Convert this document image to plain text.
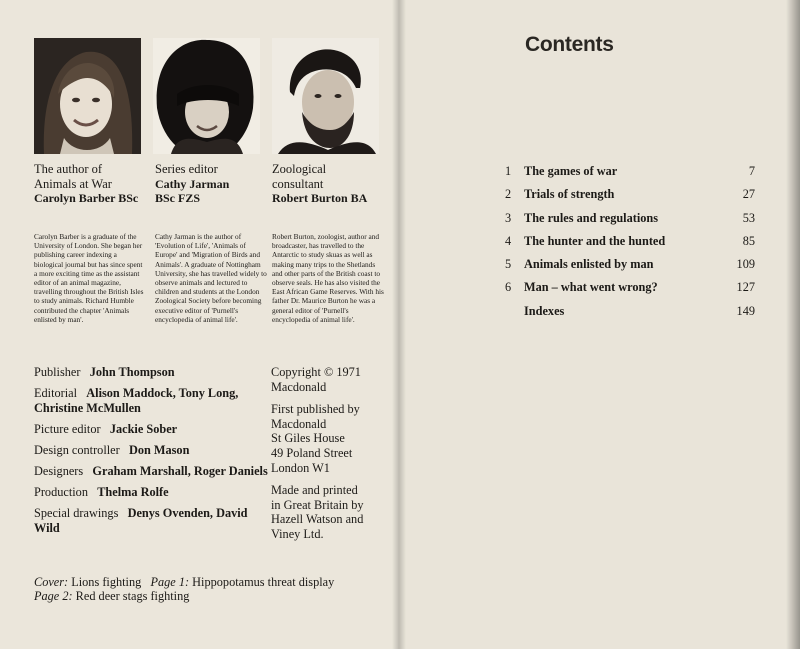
The author of
Animals at War
Carolyn Barber BSc
Series editor
Cathy Jarman
BSc FZS
Zoological
consultant
Robert Burton BA
Carolyn Barber is a graduate of the University of London. She began her publishing career indexing a biological journal but has since spent a more exciting time as the assistant editor of an animal magazine, travelling throughout the British Isles to study animals. Richard Humble contributed the chapter 'Animals enlisted by man'.
Cathy Jarman is the author of 'Evolution of Life', 'Animals of Europe' and 'Migration of Birds and Animals'. A graduate of Nottingham University, she has travelled widely to observe animals and lectured to children and students at the London Zoological Society before becoming executive editor of 'Purnell's encyclopedia of animal life'.
Robert Burton, zoologist, author and broadcaster, has travelled to the Antarctic to study skuas as well as making many trips to the Shetlands and other parts of the British coast to observe seals. He has also visited the East African Game Reserves. With his father Dr. Maurice Burton he was a general editor of 'Purnell's encyclopedia of animal life'.
Publisher John Thompson
Editorial Alison Maddock, Tony Long, Christine McMullen
Picture editor Jackie Sober
Design controller Don Mason
Designers Graham Marshall, Roger Daniels
Production Thelma Rolfe
Special drawings Denys Ovenden, David Wild
Copyright © 1971
Macdonald
First published by
Macdonald
St Giles House
49 Poland Street
London W1
Made and printed
in Great Britain by
Hazell Watson and
Viney Ltd.
Cover: Lions fighting Page 1: Hippopotamus threat display
Page 2: Red deer stags fighting
Contents
1 The games of war	7
2 Trials of strength	27
3 The rules and regulations	53
4 The hunter and the hunted	85
5 Animals enlisted by man	109
6 Man – what went wrong?	127
Indexes	149
